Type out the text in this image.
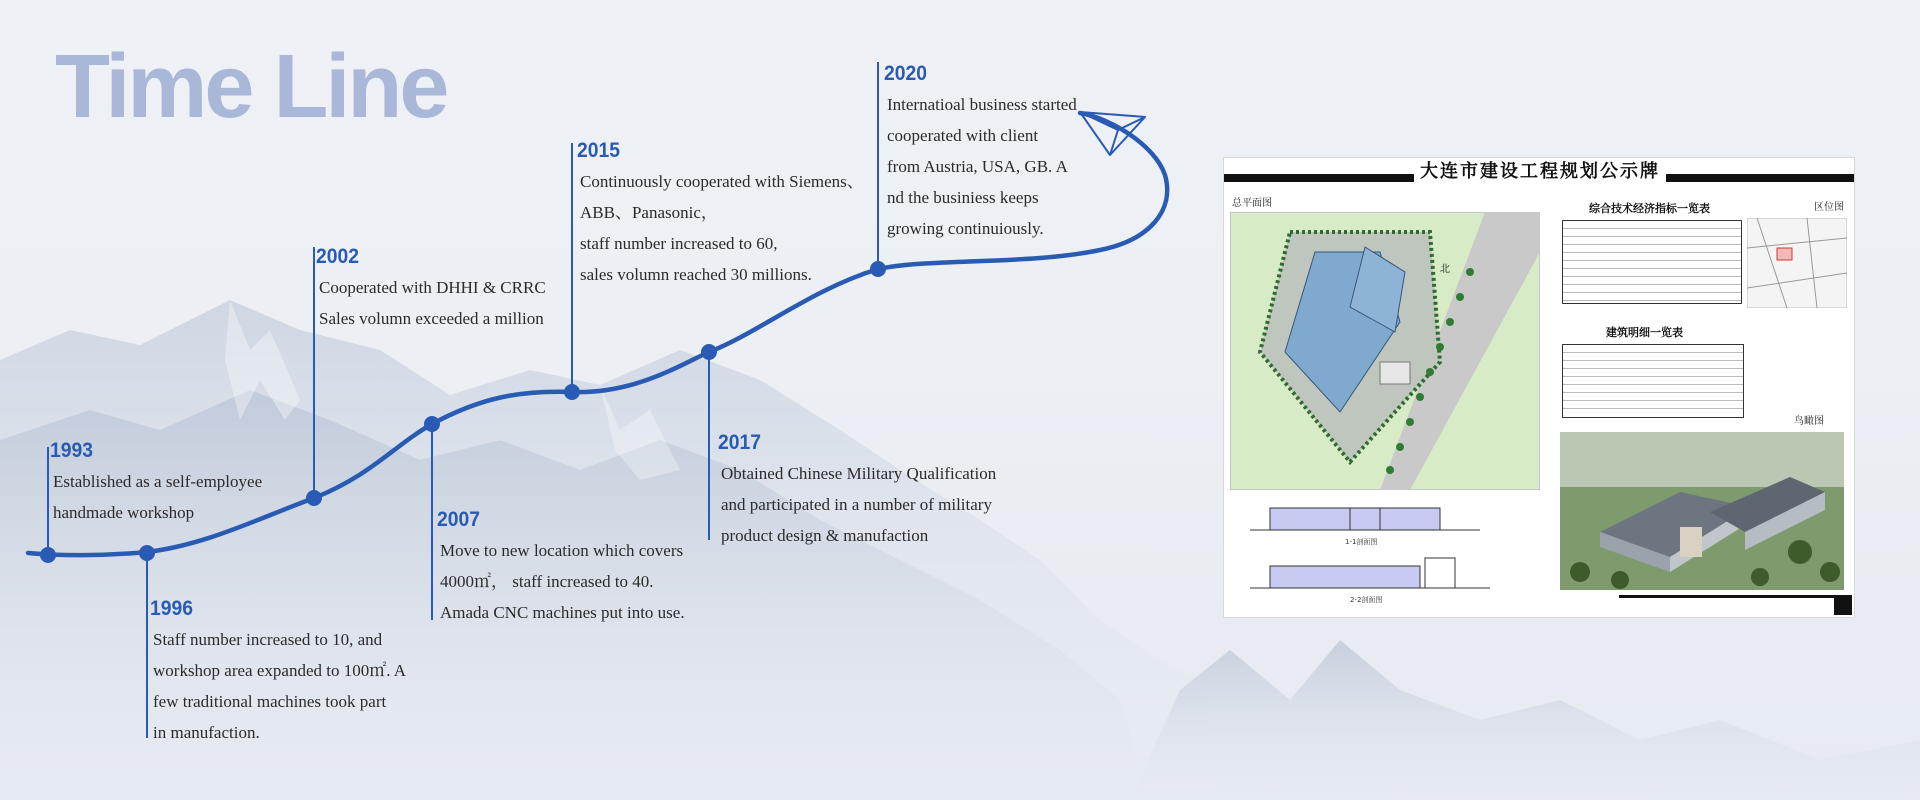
Time Line
1993
Established as a self-employee
handmade workshop
1996
Staff number increased to 10, and
workshop area expanded to 100㎡. A
few traditional machines took part
in manufaction.
2002
Cooperated with DHHI & CRRC
Sales volumn exceeded a million
2007
Move to new location which covers
4000㎡， staff increased to 40.
Amada CNC machines put into use.
2015
Continuously cooperated with Siemens、
ABB、Panasonic，
staff number increased to 60,
sales volumn reached 30 millions.
2017
Obtained Chinese Military Qualification
and participated in a number of military
product design & manufaction
2020
Internatioal business started
cooperated with client
from Austria, USA, GB. A
nd the businiess keeps
growing continuiously.
大连市建设工程规划公示牌
总平面图	区位图
北
综合技术经济指标一览表
建筑明细一览表
鸟瞰图
1-1剖面图
2-2剖面图
